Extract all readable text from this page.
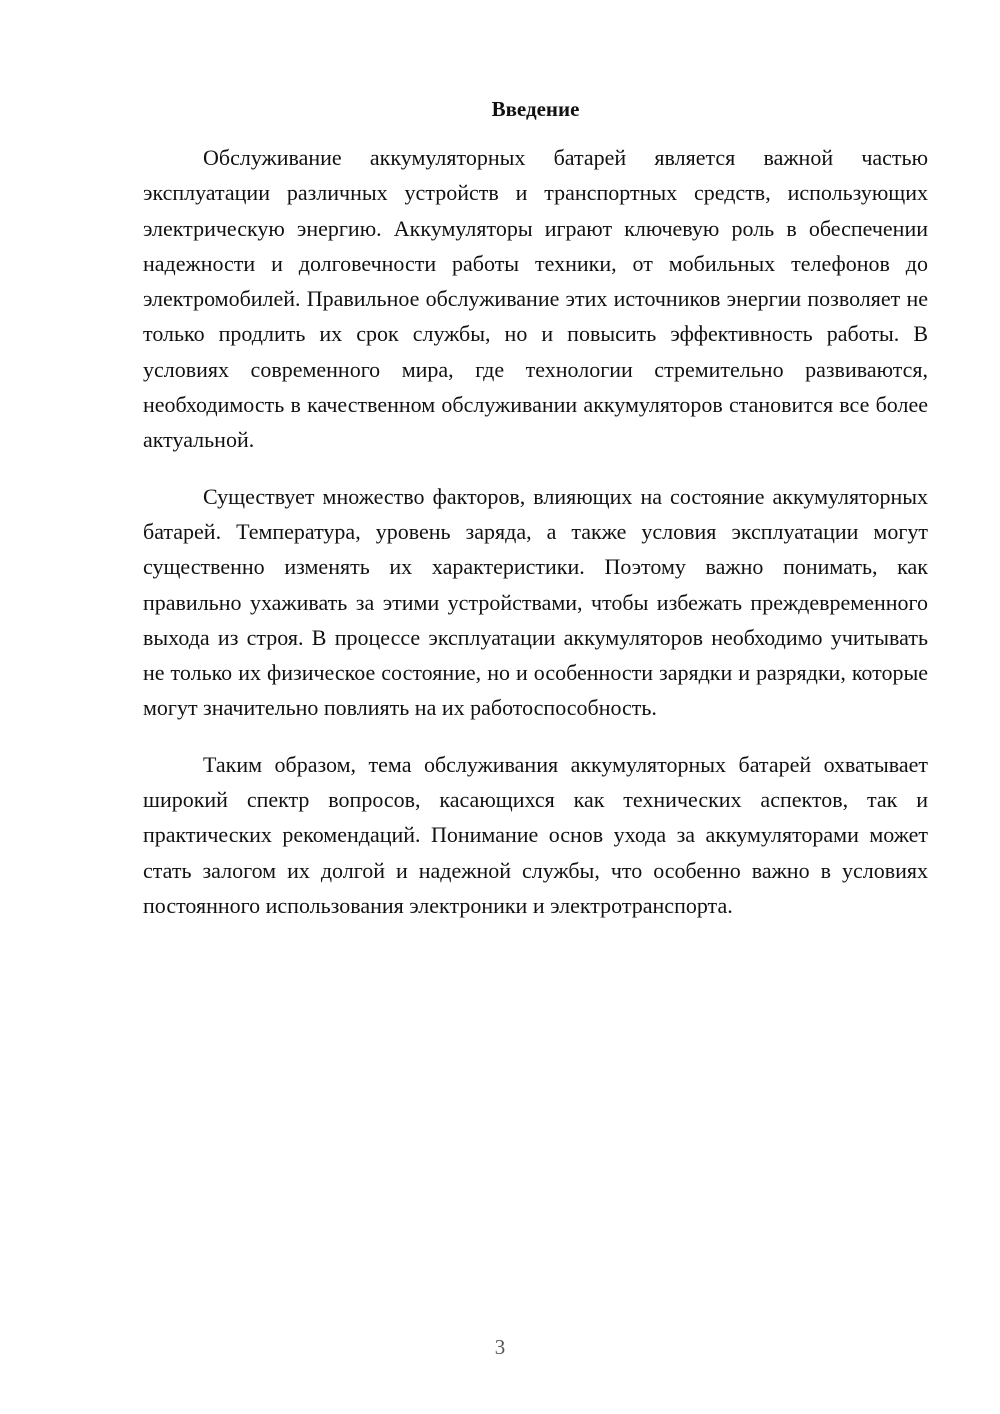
Введение

Обслуживание аккумуляторных батарей является важной частью эксплуатации различных устройств и транспортных средств, использующих электрическую энергию. Аккумуляторы играют ключевую роль в обеспечении надежности и долговечности работы техники, от мобильных телефонов до электромобилей. Правильное обслуживание этих источников энергии позволяет не только продлить их срок службы, но и повысить эффективность работы. В условиях современного мира, где технологии стремительно развиваются, необходимость в качественном обслуживании аккумуляторов становится все более актуальной.

Существует множество факторов, влияющих на состояние аккумуляторных батарей. Температура, уровень заряда, а также условия эксплуатации могут существенно изменять их характеристики. Поэтому важно понимать, как правильно ухаживать за этими устройствами, чтобы избежать преждевременного выхода из строя. В процессе эксплуатации аккумуляторов необходимо учитывать не только их физическое состояние, но и особенности зарядки и разрядки, которые могут значительно повлиять на их работоспособность.

Таким образом, тема обслуживания аккумуляторных батарей охватывает широкий спектр вопросов, касающихся как технических аспектов, так и практических рекомендаций. Понимание основ ухода за аккумуляторами может стать залогом их долгой и надежной службы, что особенно важно в условиях постоянного использования электроники и электротранспорта.

3
